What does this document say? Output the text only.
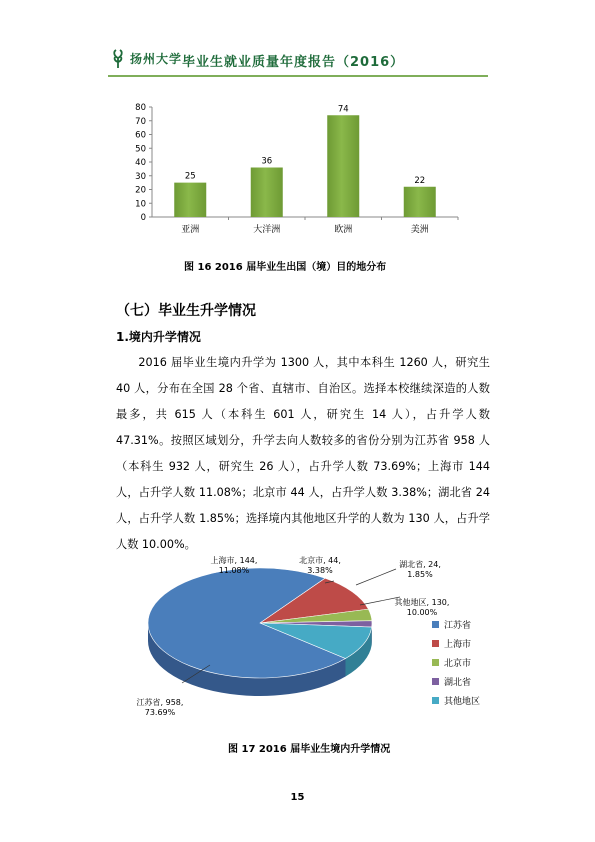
扬州大学 毕业生就业质量年度报告（2016）
0
10
20
30
40
50
60
70
80
25
亚洲
36
大洋洲
74
欧洲
22
美洲
图 16 2016 届毕业生出国（境）目的地分布
（七）毕业生升学情况
1.境内升学情况
2016 届毕业生境内升学为 1300 人，其中本科生 1260 人，研究生 40 人，分布在全国 28 个省、直辖市、自治区。选择本校继续深造的人数最多，共 615 人（本科生 601 人，研究生 14 人），占升学人数 47.31%。按照区域划分，升学去向人数较多的省份分别为江苏省 958 人（本科生 932 人，研究生 26 人），占升学人数 73.69%；上海市 144 人，占升学人数 11.08%；北京市 44 人，占升学人数 3.38%；湖北省 24 人，占升学人数 1.85%；选择境内其他地区升学的人数为 130 人，占升学人数 10.00%。
江苏省, 958,
73.69%
上海市, 144,
11.08%
北京市, 44,
3.38%
湖北省, 24,
1.85%
其他地区, 130,
10.00%
江苏省
上海市
北京市
湖北省
其他地区
图 17 2016 届毕业生境内升学情况
15
